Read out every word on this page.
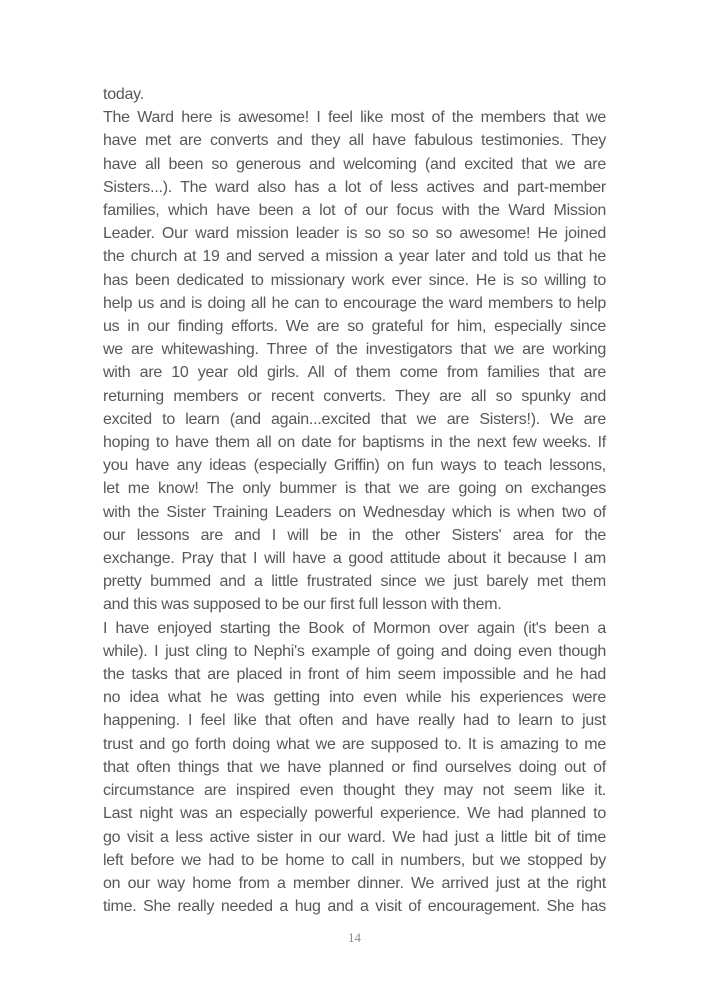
today.
The Ward here is awesome! I feel like most of the members that we
have met are converts and they all have fabulous testimonies. They
have all been so generous and welcoming (and excited that we are
Sisters...). The ward also has a lot of less actives and part-member
families, which have been a lot of our focus with the Ward Mission
Leader. Our ward mission leader is so so so so awesome! He joined
the church at 19 and served a mission a year later and told us that he
has been dedicated to missionary work ever since. He is so willing to
help us and is doing all he can to encourage the ward members to help
us in our finding efforts. We are so grateful for him, especially since
we are whitewashing. Three of the investigators that we are working
with are 10 year old girls. All of them come from families that are
returning members or recent converts. They are all so spunky and
excited to learn (and again...excited that we are Sisters!). We are
hoping to have them all on date for baptisms in the next few weeks. If
you have any ideas (especially Griffin) on fun ways to teach lessons,
let me know! The only bummer is that we are going on exchanges
with the Sister Training Leaders on Wednesday which is when two of
our lessons are and I will be in the other Sisters' area for the
exchange. Pray that I will have a good attitude about it because I am
pretty bummed and a little frustrated since we just barely met them
and this was supposed to be our first full lesson with them.
I have enjoyed starting the Book of Mormon over again (it's been a
while). I just cling to Nephi's example of going and doing even though
the tasks that are placed in front of him seem impossible and he had
no idea what he was getting into even while his experiences were
happening. I feel like that often and have really had to learn to just
trust and go forth doing what we are supposed to. It is amazing to me
that often things that we have planned or find ourselves doing out of
circumstance are inspired even thought they may not seem like it.
Last night was an especially powerful experience. We had planned to
go visit a less active sister in our ward. We had just a little bit of time
left before we had to be home to call in numbers, but we stopped by
on our way home from a member dinner. We arrived just at the right
time. She really needed a hug and a visit of encouragement. She has
14
